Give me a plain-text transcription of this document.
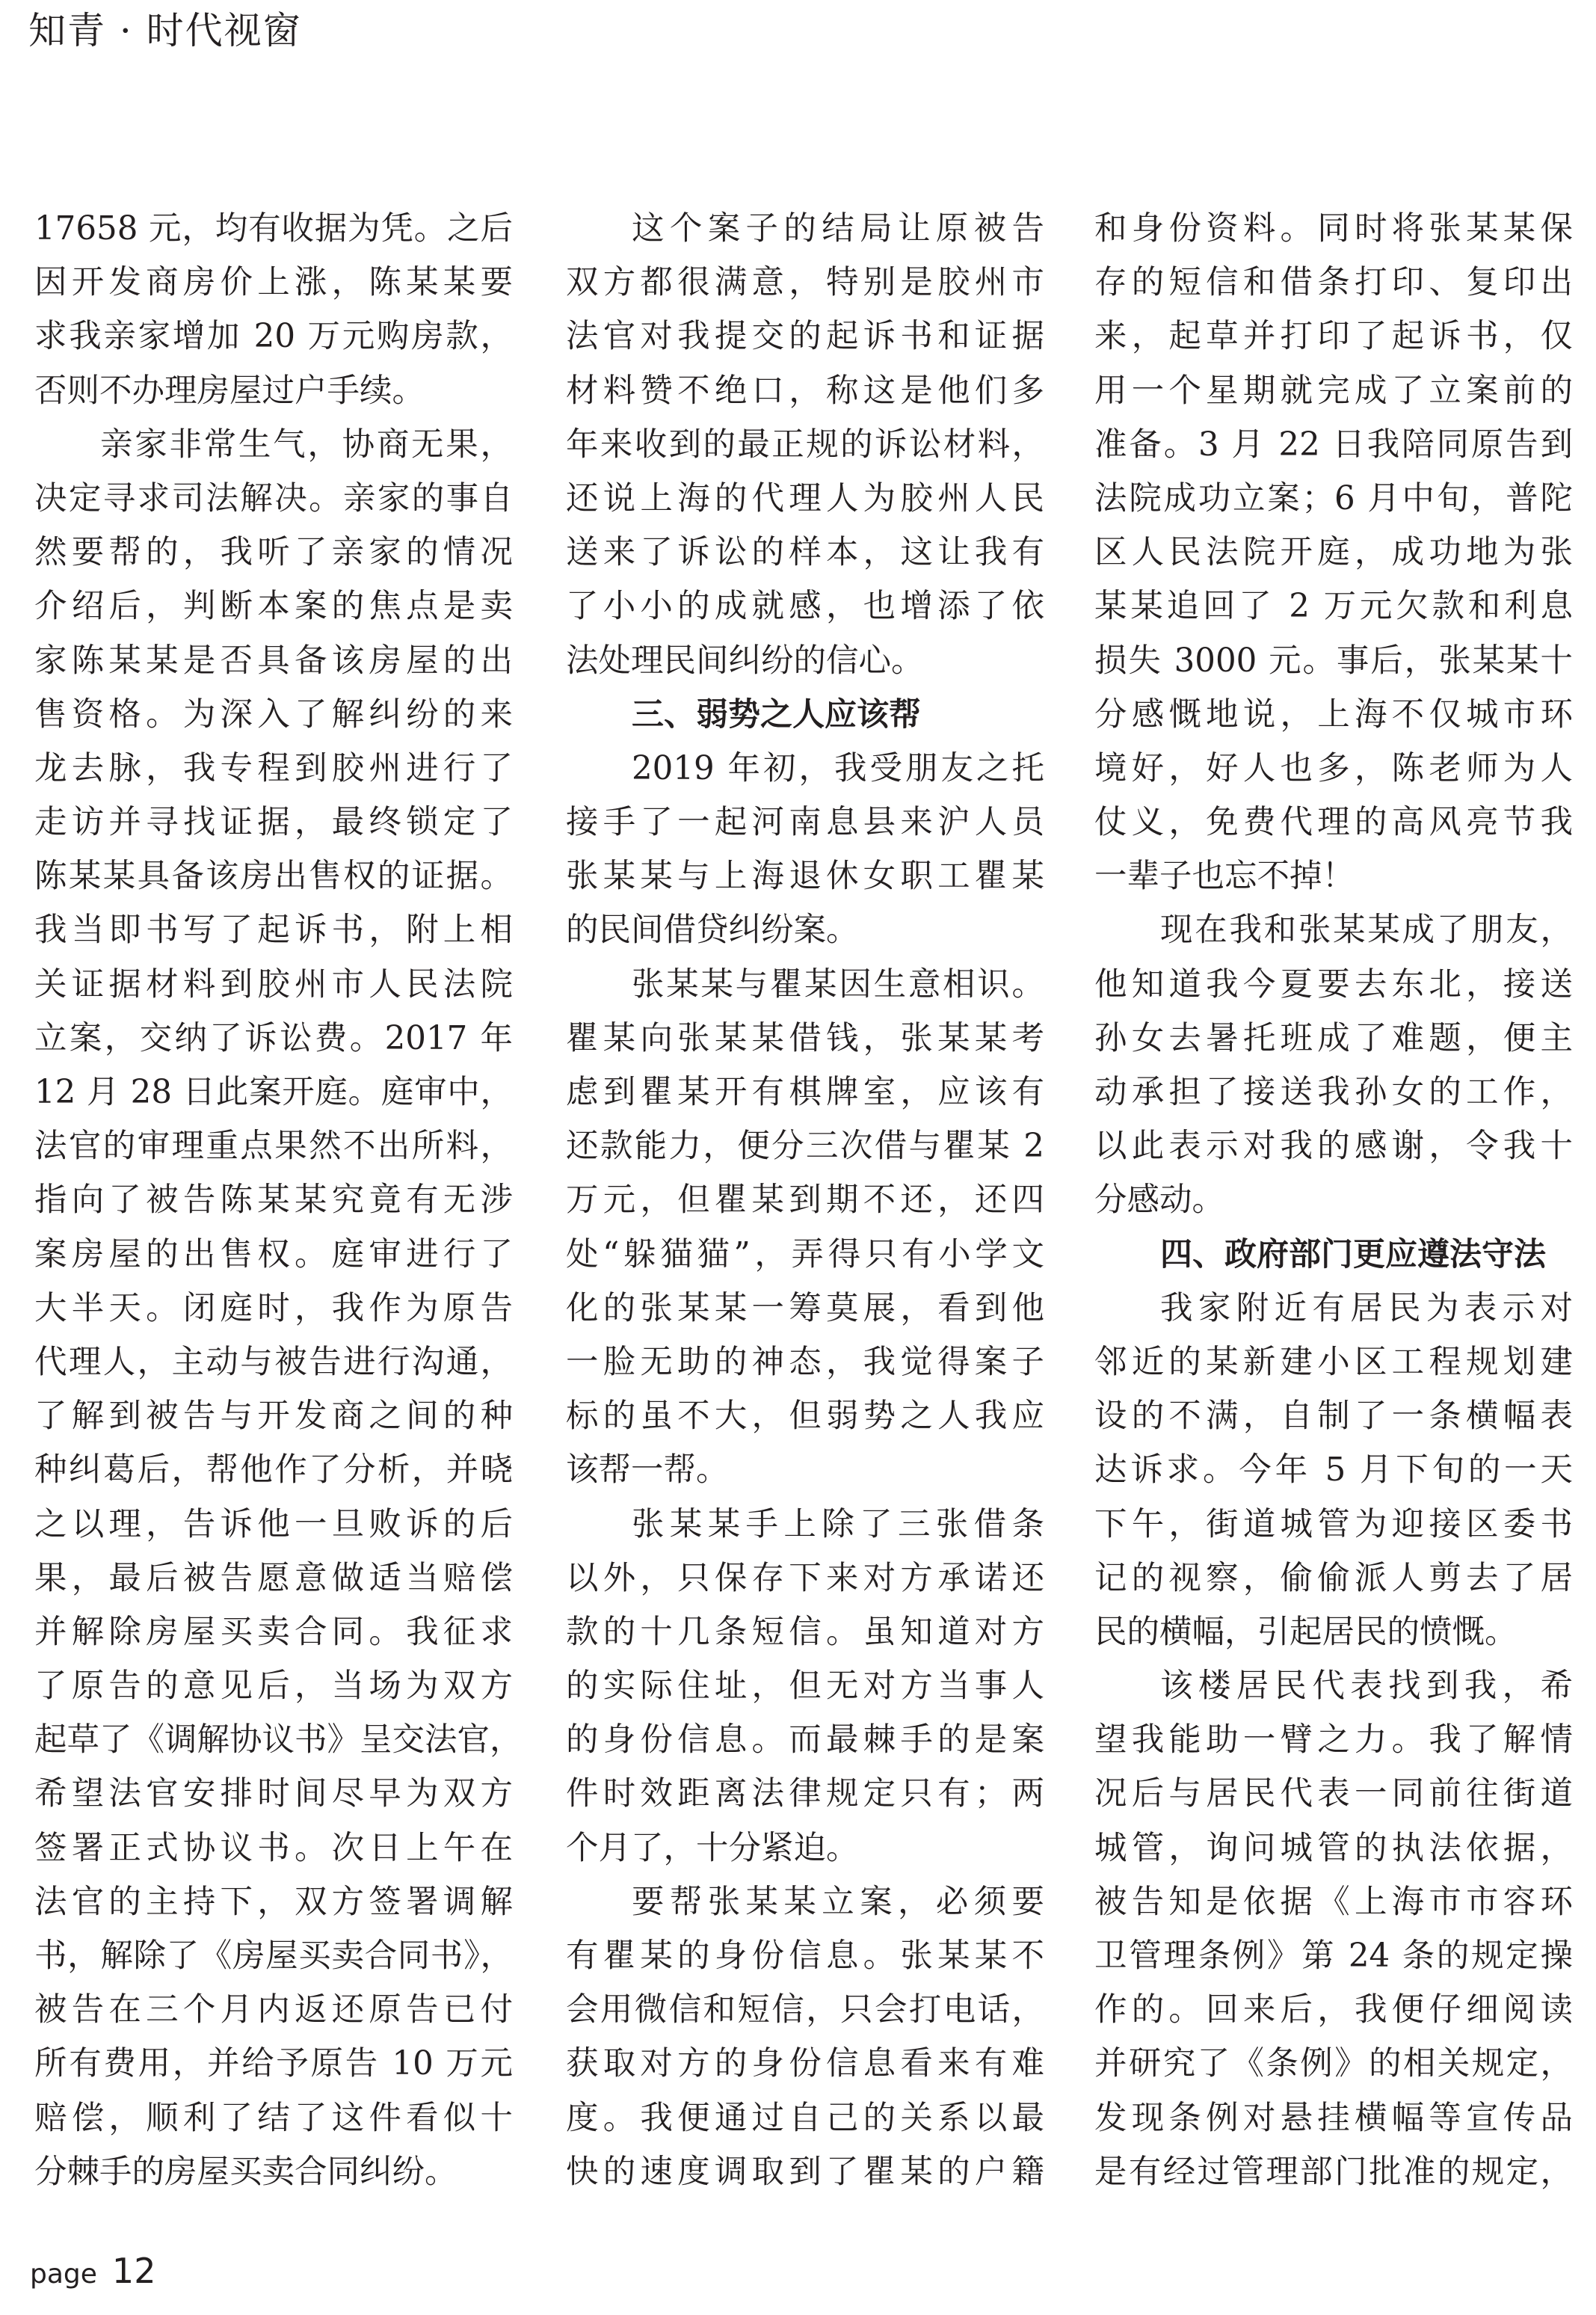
知青 · 时代视窗
17658 元，均有收据为凭。之后
因开发商房价上涨，陈某某要
求我亲家增加 20 万元购房款，
否则不办理房屋过户手续。
亲家非常生气，协商无果，
决定寻求司法解决。亲家的事自
然要帮的，我听了亲家的情况
介绍后，判断本案的焦点是卖
家陈某某是否具备该房屋的出
售资格。为深入了解纠纷的来
龙去脉，我专程到胶州进行了
走访并寻找证据，最终锁定了
陈某某具备该房出售权的证据。
我当即书写了起诉书，附上相
关证据材料到胶州市人民法院
立案，交纳了诉讼费。2017 年
12 月 28 日此案开庭。庭审中，
法官的审理重点果然不出所料，
指向了被告陈某某究竟有无涉
案房屋的出售权。庭审进行了
大半天。闭庭时，我作为原告
代理人，主动与被告进行沟通，
了解到被告与开发商之间的种
种纠葛后，帮他作了分析，并晓
之以理，告诉他一旦败诉的后
果，最后被告愿意做适当赔偿
并解除房屋买卖合同。我征求
了原告的意见后，当场为双方
起草了《调解协议书》呈交法官，
希望法官安排时间尽早为双方
签署正式协议书。次日上午在
法官的主持下，双方签署调解
书，解除了《房屋买卖合同书》，
被告在三个月内返还原告已付
所有费用，并给予原告 10 万元
赔偿，顺利了结了这件看似十
分棘手的房屋买卖合同纠纷。
这个案子的结局让原被告
双方都很满意，特别是胶州市
法官对我提交的起诉书和证据
材料赞不绝口，称这是他们多
年来收到的最正规的诉讼材料，
还说上海的代理人为胶州人民
送来了诉讼的样本，这让我有
了小小的成就感，也增添了依
法处理民间纠纷的信心。
三、弱势之人应该帮
2019 年初，我受朋友之托
接手了一起河南息县来沪人员
张某某与上海退休女职工瞿某
的民间借贷纠纷案。
张某某与瞿某因生意相识。
瞿某向张某某借钱，张某某考
虑到瞿某开有棋牌室，应该有
还款能力，便分三次借与瞿某 2
万元，但瞿某到期不还，还四
处“躲猫猫”，弄得只有小学文
化的张某某一筹莫展，看到他
一脸无助的神态，我觉得案子
标的虽不大，但弱势之人我应
该帮一帮。
张某某手上除了三张借条
以外，只保存下来对方承诺还
款的十几条短信。虽知道对方
的实际住址，但无对方当事人
的身份信息。而最棘手的是案
件时效距离法律规定只有；两
个月了，十分紧迫。
要帮张某某立案，必须要
有瞿某的身份信息。张某某不
会用微信和短信，只会打电话，
获取对方的身份信息看来有难
度。我便通过自己的关系以最
快的速度调取到了瞿某的户籍
和身份资料。同时将张某某保
存的短信和借条打印、复印出
来，起草并打印了起诉书，仅
用一个星期就完成了立案前的
准备。3 月 22 日我陪同原告到
法院成功立案；6 月中旬，普陀
区人民法院开庭，成功地为张
某某追回了 2 万元欠款和利息
损失 3000 元。事后，张某某十
分感慨地说，上海不仅城市环
境好，好人也多，陈老师为人
仗义，免费代理的高风亮节我
一辈子也忘不掉！
现在我和张某某成了朋友，
他知道我今夏要去东北，接送
孙女去暑托班成了难题，便主
动承担了接送我孙女的工作，
以此表示对我的感谢，令我十
分感动。
四、政府部门更应遵法守法
我家附近有居民为表示对
邻近的某新建小区工程规划建
设的不满，自制了一条横幅表
达诉求。今年 5 月下旬的一天
下午，街道城管为迎接区委书
记的视察，偷偷派人剪去了居
民的横幅，引起居民的愤慨。
该楼居民代表找到我，希
望我能助一臂之力。我了解情
况后与居民代表一同前往街道
城管，询问城管的执法依据，
被告知是依据《上海市市容环
卫管理条例》第 24 条的规定操
作的。回来后，我便仔细阅读
并研究了《条例》的相关规定，
发现条例对悬挂横幅等宣传品
是有经过管理部门批准的规定，
page 12
